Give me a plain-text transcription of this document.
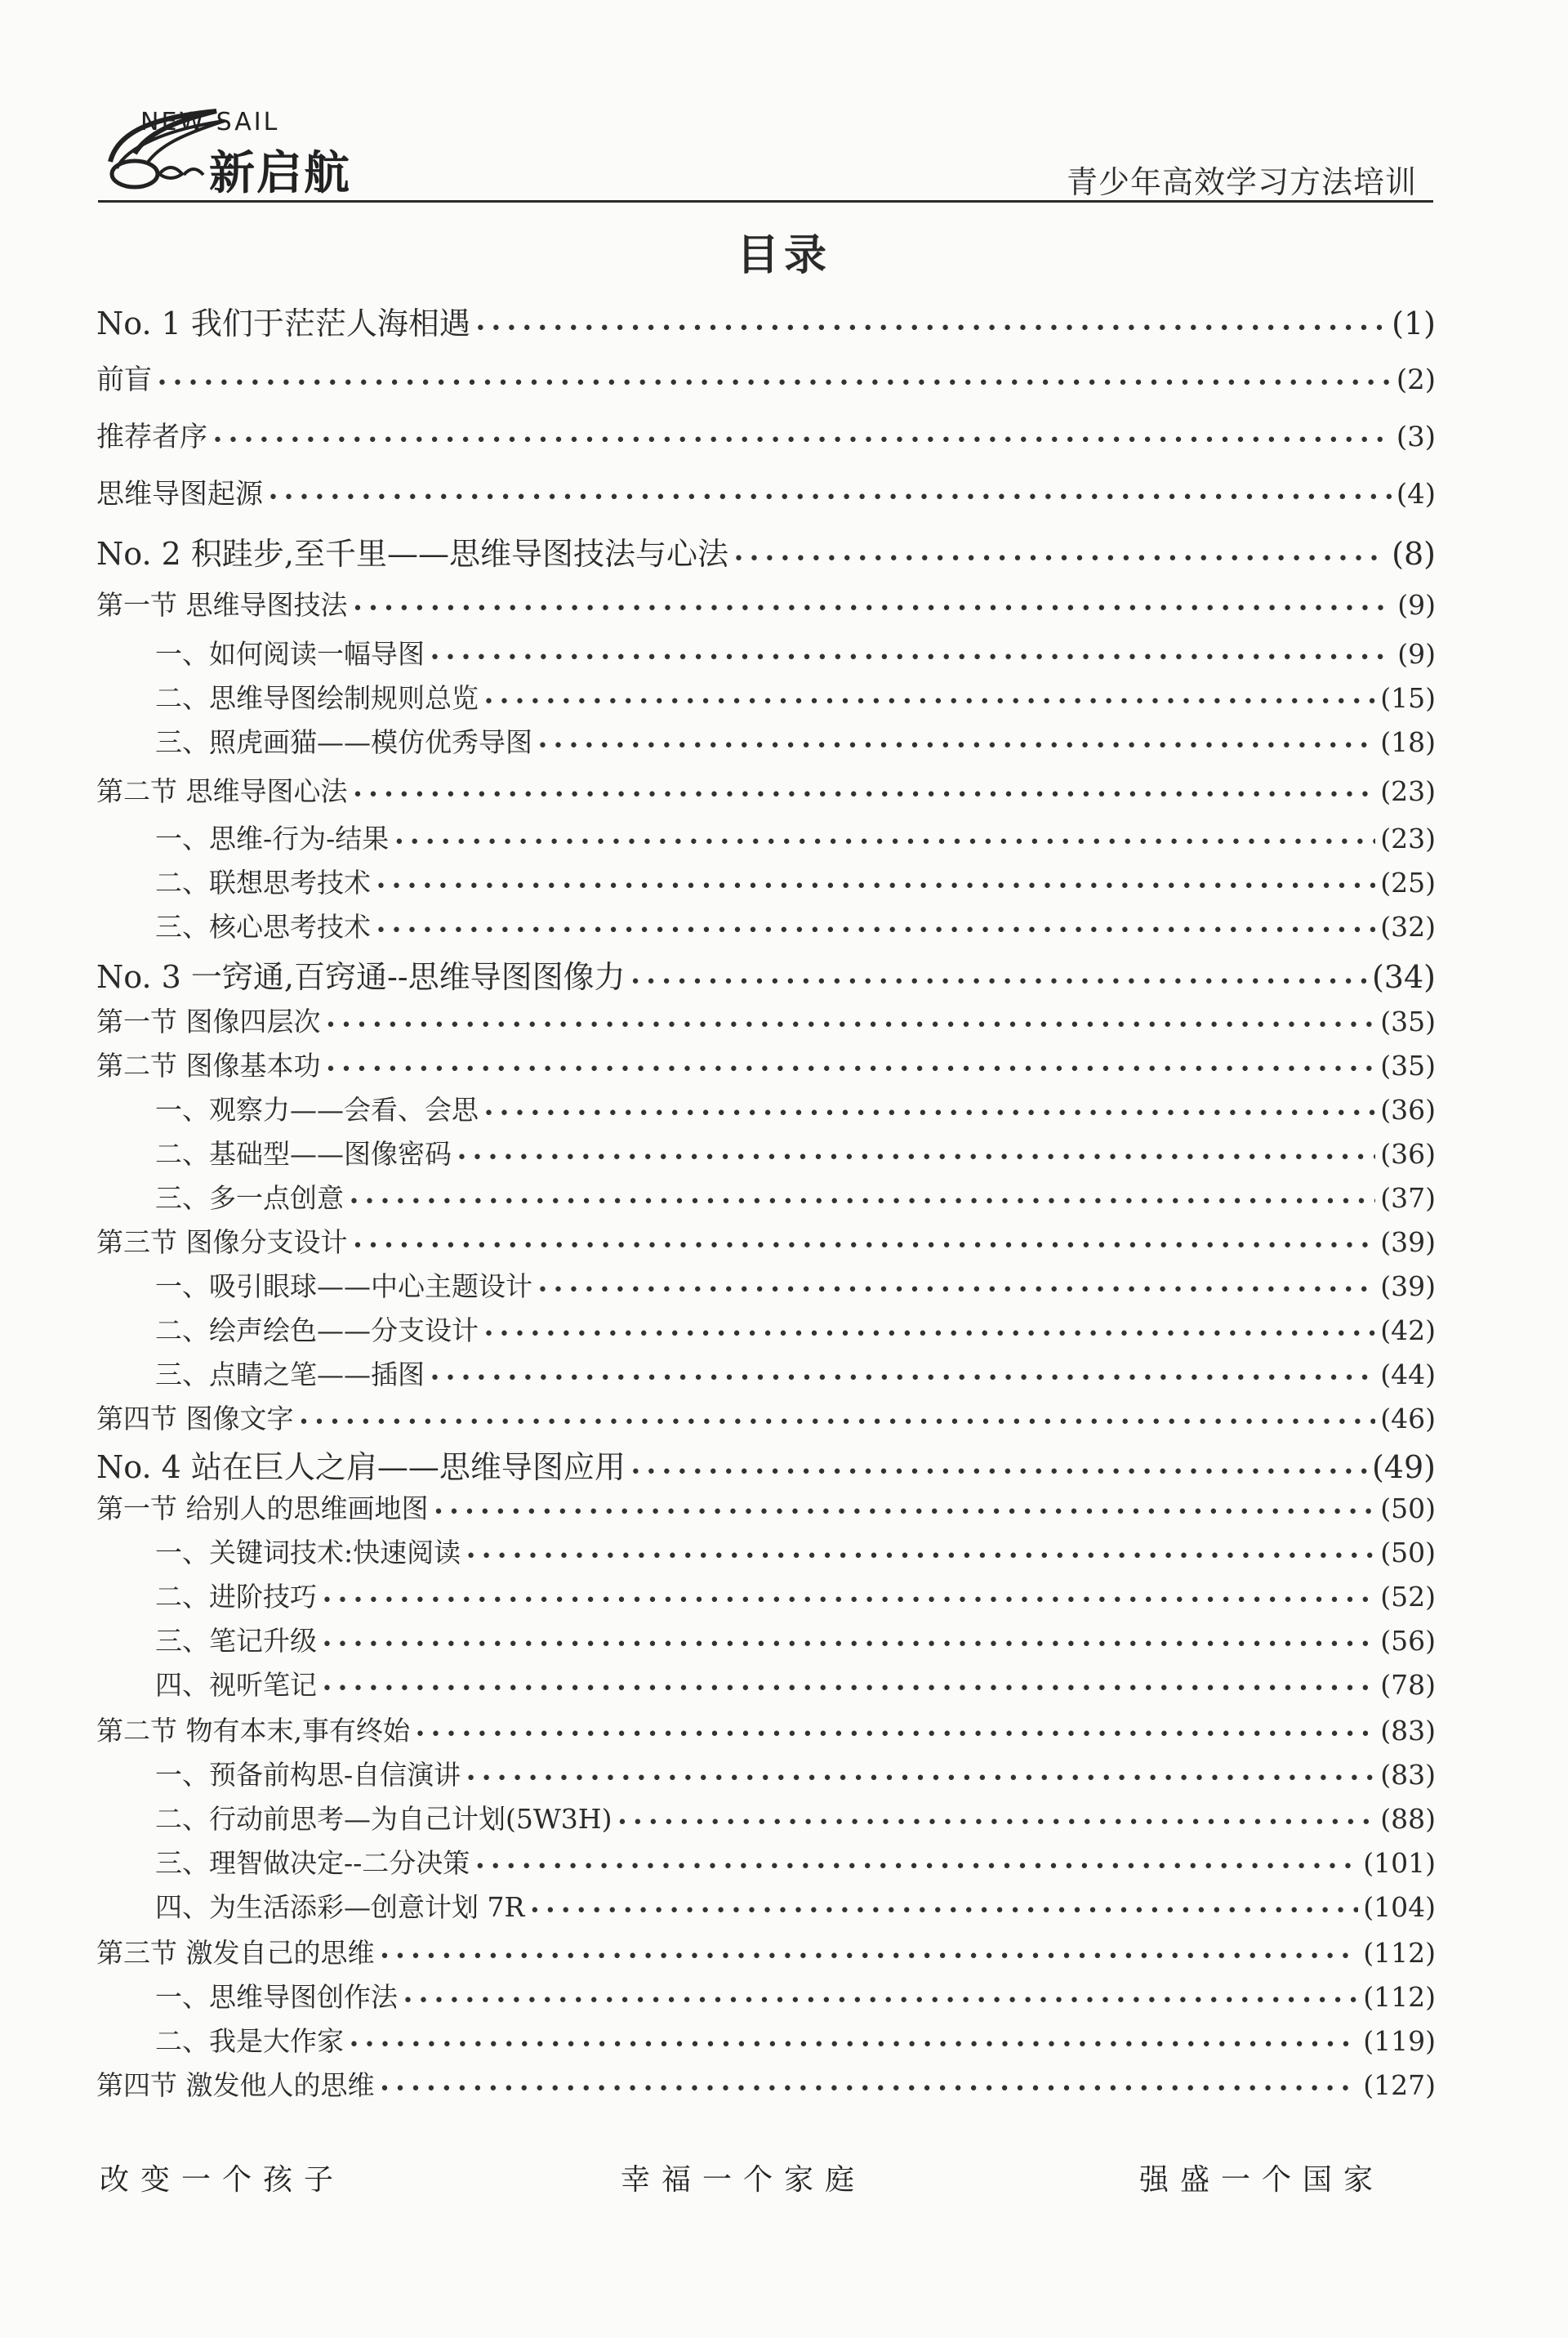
NEW SAIL
新启航	青少年高效学习方法培训
目录
No. 1 我们于茫茫人海相遇 •••••	(1)
前盲 •••••	(2)
推荐者序 •••••	(3)
思维导图起源 •••••	(4)
No. 2 积跬步,至千里——思维导图技法与心法 •••••	(8)
第一节 思维导图技法 •••••	(9)
一、如何阅读一幅导图 •••••	(9)
二、思维导图绘制规则总览 •••••	(15)
三、照虎画猫——模仿优秀导图 •••••	(18)
第二节 思维导图心法 •••••	(23)
一、思维-行为-结果 •••••	(23)
二、联想思考技术 •••••	(25)
三、核心思考技术 •••••	(32)
No. 3 一窍通,百窍通--思维导图图像力 •••••	(34)
第一节 图像四层次 •••••	(35)
第二节 图像基本功 •••••	(35)
一、观察力——会看、会思 •••••	(36)
二、基础型——图像密码 •••••	(36)
三、多一点创意 •••••	(37)
第三节 图像分支设计 •••••	(39)
一、吸引眼球——中心主题设计 •••••	(39)
二、绘声绘色——分支设计 •••••	(42)
三、点睛之笔——插图 •••••	(44)
第四节 图像文字 •••••	(46)
No. 4 站在巨人之肩——思维导图应用 •••••	(49)
第一节 给别人的思维画地图 •••••	(50)
一、关键词技术:快速阅读 •••••	(50)
二、进阶技巧 •••••	(52)
三、笔记升级 •••••	(56)
四、视听笔记 •••••	(78)
第二节 物有本末,事有终始 •••••	(83)
一、预备前构思-自信演讲 •••••	(83)
二、行动前思考—为自己计划(5W3H) •••••	(88)
三、理智做决定--二分决策 •••••	(101)
四、为生活添彩—创意计划 7R •••••	(104)
第三节 激发自己的思维 •••••	(112)
一、思维导图创作法 •••••	(112)
二、我是大作家 •••••	(119)
第四节 激发他人的思维 •••••	(127)
改变一个孩子	幸福一个家庭	强盛一个国家
